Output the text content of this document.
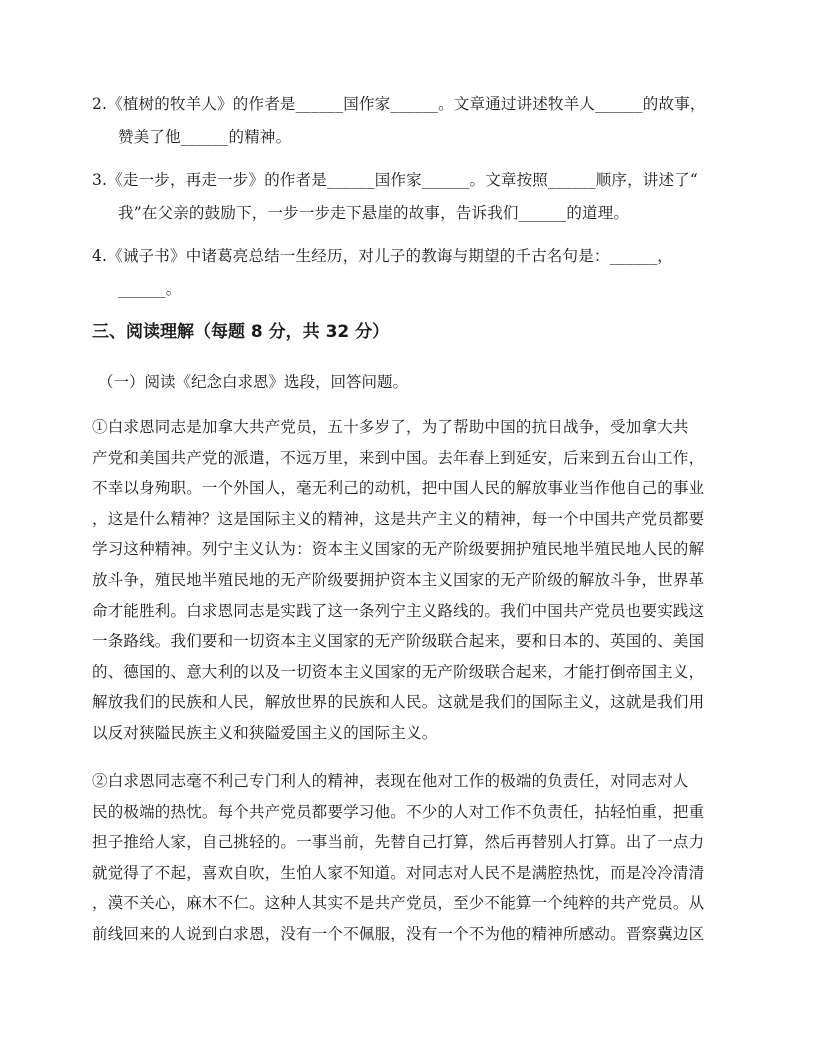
2.《植树的牧羊人》的作者是______国作家______。文章通过讲述牧羊人______的故事，
赞美了他______的精神。
3.《走一步，再走一步》的作者是______国作家______。文章按照______顺序，讲述了“
我”在父亲的鼓励下，一步一步走下悬崖的故事，告诉我们______的道理。
4.《诫子书》中诸葛亮总结一生经历，对儿子的教诲与期望的千古名句是：______，
______。
三、阅读理解（每题 8 分，共 32 分）
（一）阅读《纪念白求恩》选段，回答问题。
①白求恩同志是加拿大共产党员，五十多岁了，为了帮助中国的抗日战争，受加拿大共
产党和美国共产党的派遣，不远万里，来到中国。去年春上到延安，后来到五台山工作，
不幸以身殉职。一个外国人，毫无利己的动机，把中国人民的解放事业当作他自己的事业
，这是什么精神？这是国际主义的精神，这是共产主义的精神，每一个中国共产党员都要
学习这种精神。列宁主义认为：资本主义国家的无产阶级要拥护殖民地半殖民地人民的解
放斗争，殖民地半殖民地的无产阶级要拥护资本主义国家的无产阶级的解放斗争，世界革
命才能胜利。白求恩同志是实践了这一条列宁主义路线的。我们中国共产党员也要实践这
一条路线。我们要和一切资本主义国家的无产阶级联合起来，要和日本的、英国的、美国
的、德国的、意大利的以及一切资本主义国家的无产阶级联合起来，才能打倒帝国主义，
解放我们的民族和人民，解放世界的民族和人民。这就是我们的国际主义，这就是我们用
以反对狭隘民族主义和狭隘爱国主义的国际主义。
②白求恩同志毫不利己专门利人的精神，表现在他对工作的极端的负责任，对同志对人
民的极端的热忱。每个共产党员都要学习他。不少的人对工作不负责任，拈轻怕重，把重
担子推给人家，自己挑轻的。一事当前，先替自己打算，然后再替别人打算。出了一点力
就觉得了不起，喜欢自吹，生怕人家不知道。对同志对人民不是满腔热忱，而是冷冷清清
，漠不关心，麻木不仁。这种人其实不是共产党员，至少不能算一个纯粹的共产党员。从
前线回来的人说到白求恩，没有一个不佩服，没有一个不为他的精神所感动。晋察冀边区
